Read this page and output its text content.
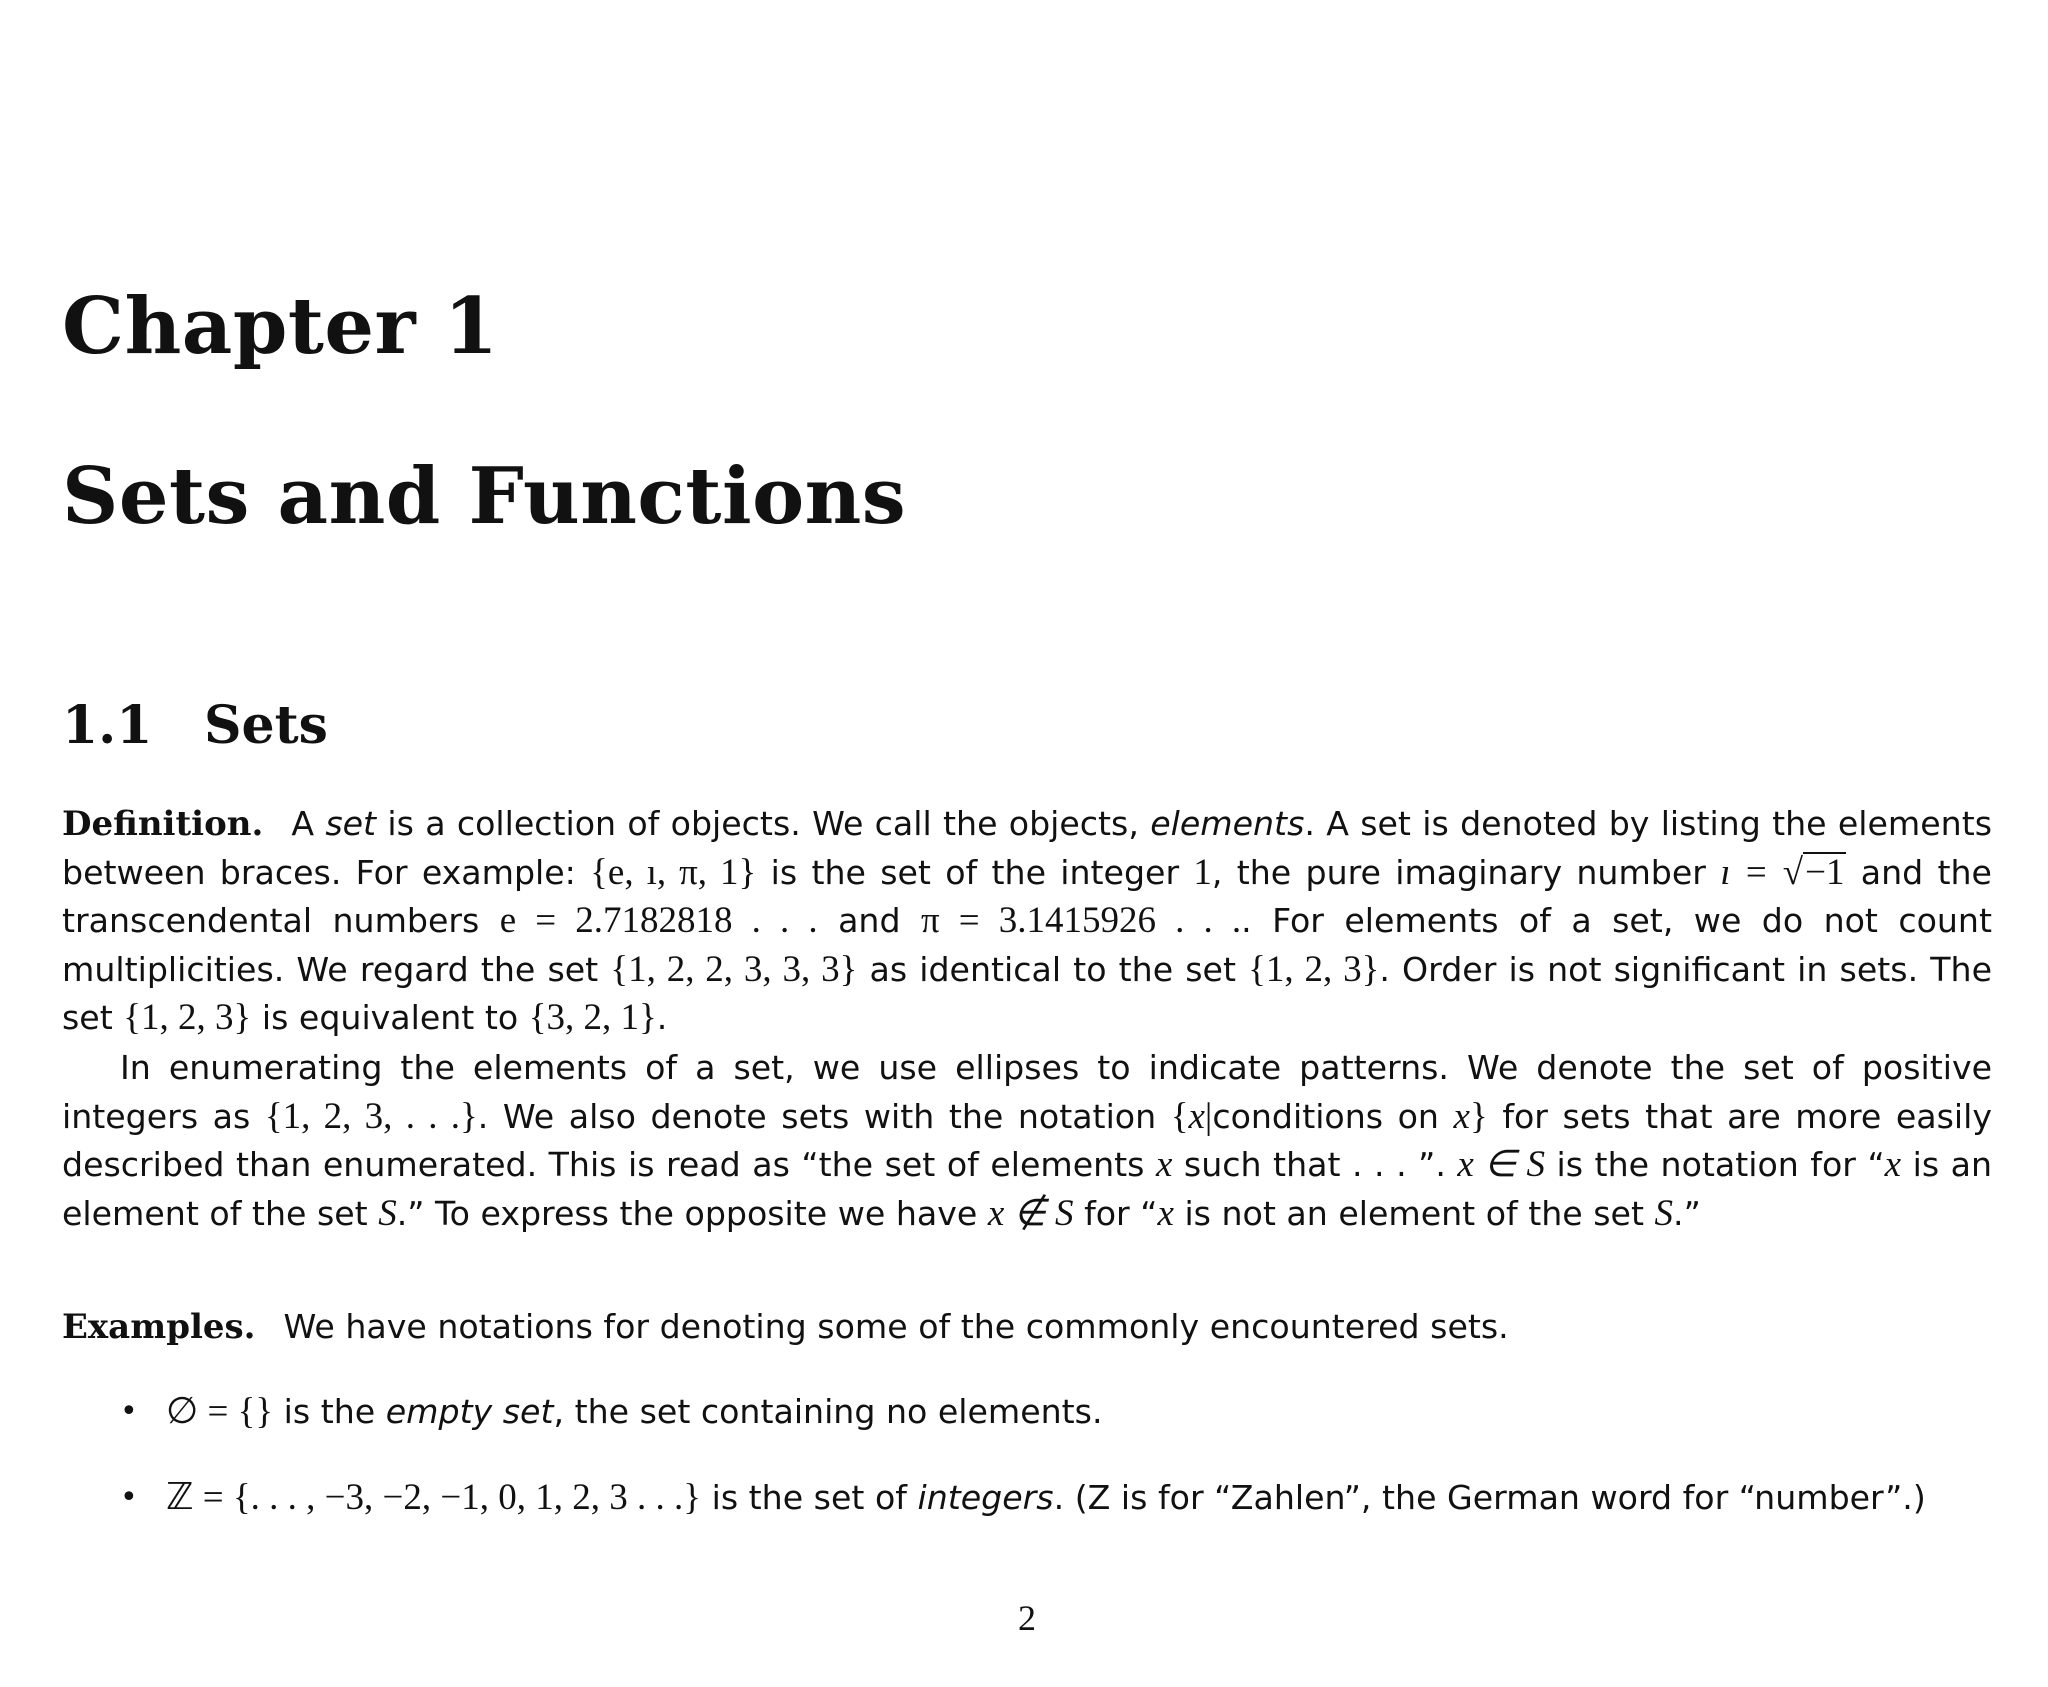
Chapter 1
Sets and Functions
1.1 Sets

Definition. A set is a collection of objects. We call the objects, elements. A set is denoted by listing the elements between braces. For example: {e, ı, π, 1} is the set of the integer 1, the pure imaginary number ı = √−1 and the transcendental numbers e = 2.7182818 . . . and π = 3.1415926 . . .. For elements of a set, we do not count multiplicities. We regard the set {1, 2, 2, 3, 3, 3} as identical to the set {1, 2, 3}. Order is not significant in sets. The set {1, 2, 3} is equivalent to {3, 2, 1}.

In enumerating the elements of a set, we use ellipses to indicate patterns. We denote the set of positive integers as {1, 2, 3, . . .}. We also denote sets with the notation {x|conditions on x} for sets that are more easily described than enumerated. This is read as “the set of elements x such that . . . ”. x ∈ S is the notation for “x is an element of the set S.” To express the opposite we have x ∉ S for “x is not an element of the set S.”

Examples. We have notations for denoting some of the commonly encountered sets.

• ∅ = {} is the empty set, the set containing no elements.
• ℤ = {. . . , −3, −2, −1, 0, 1, 2, 3 . . .} is the set of integers. (Z is for “Zahlen”, the German word for “number”.)
2
